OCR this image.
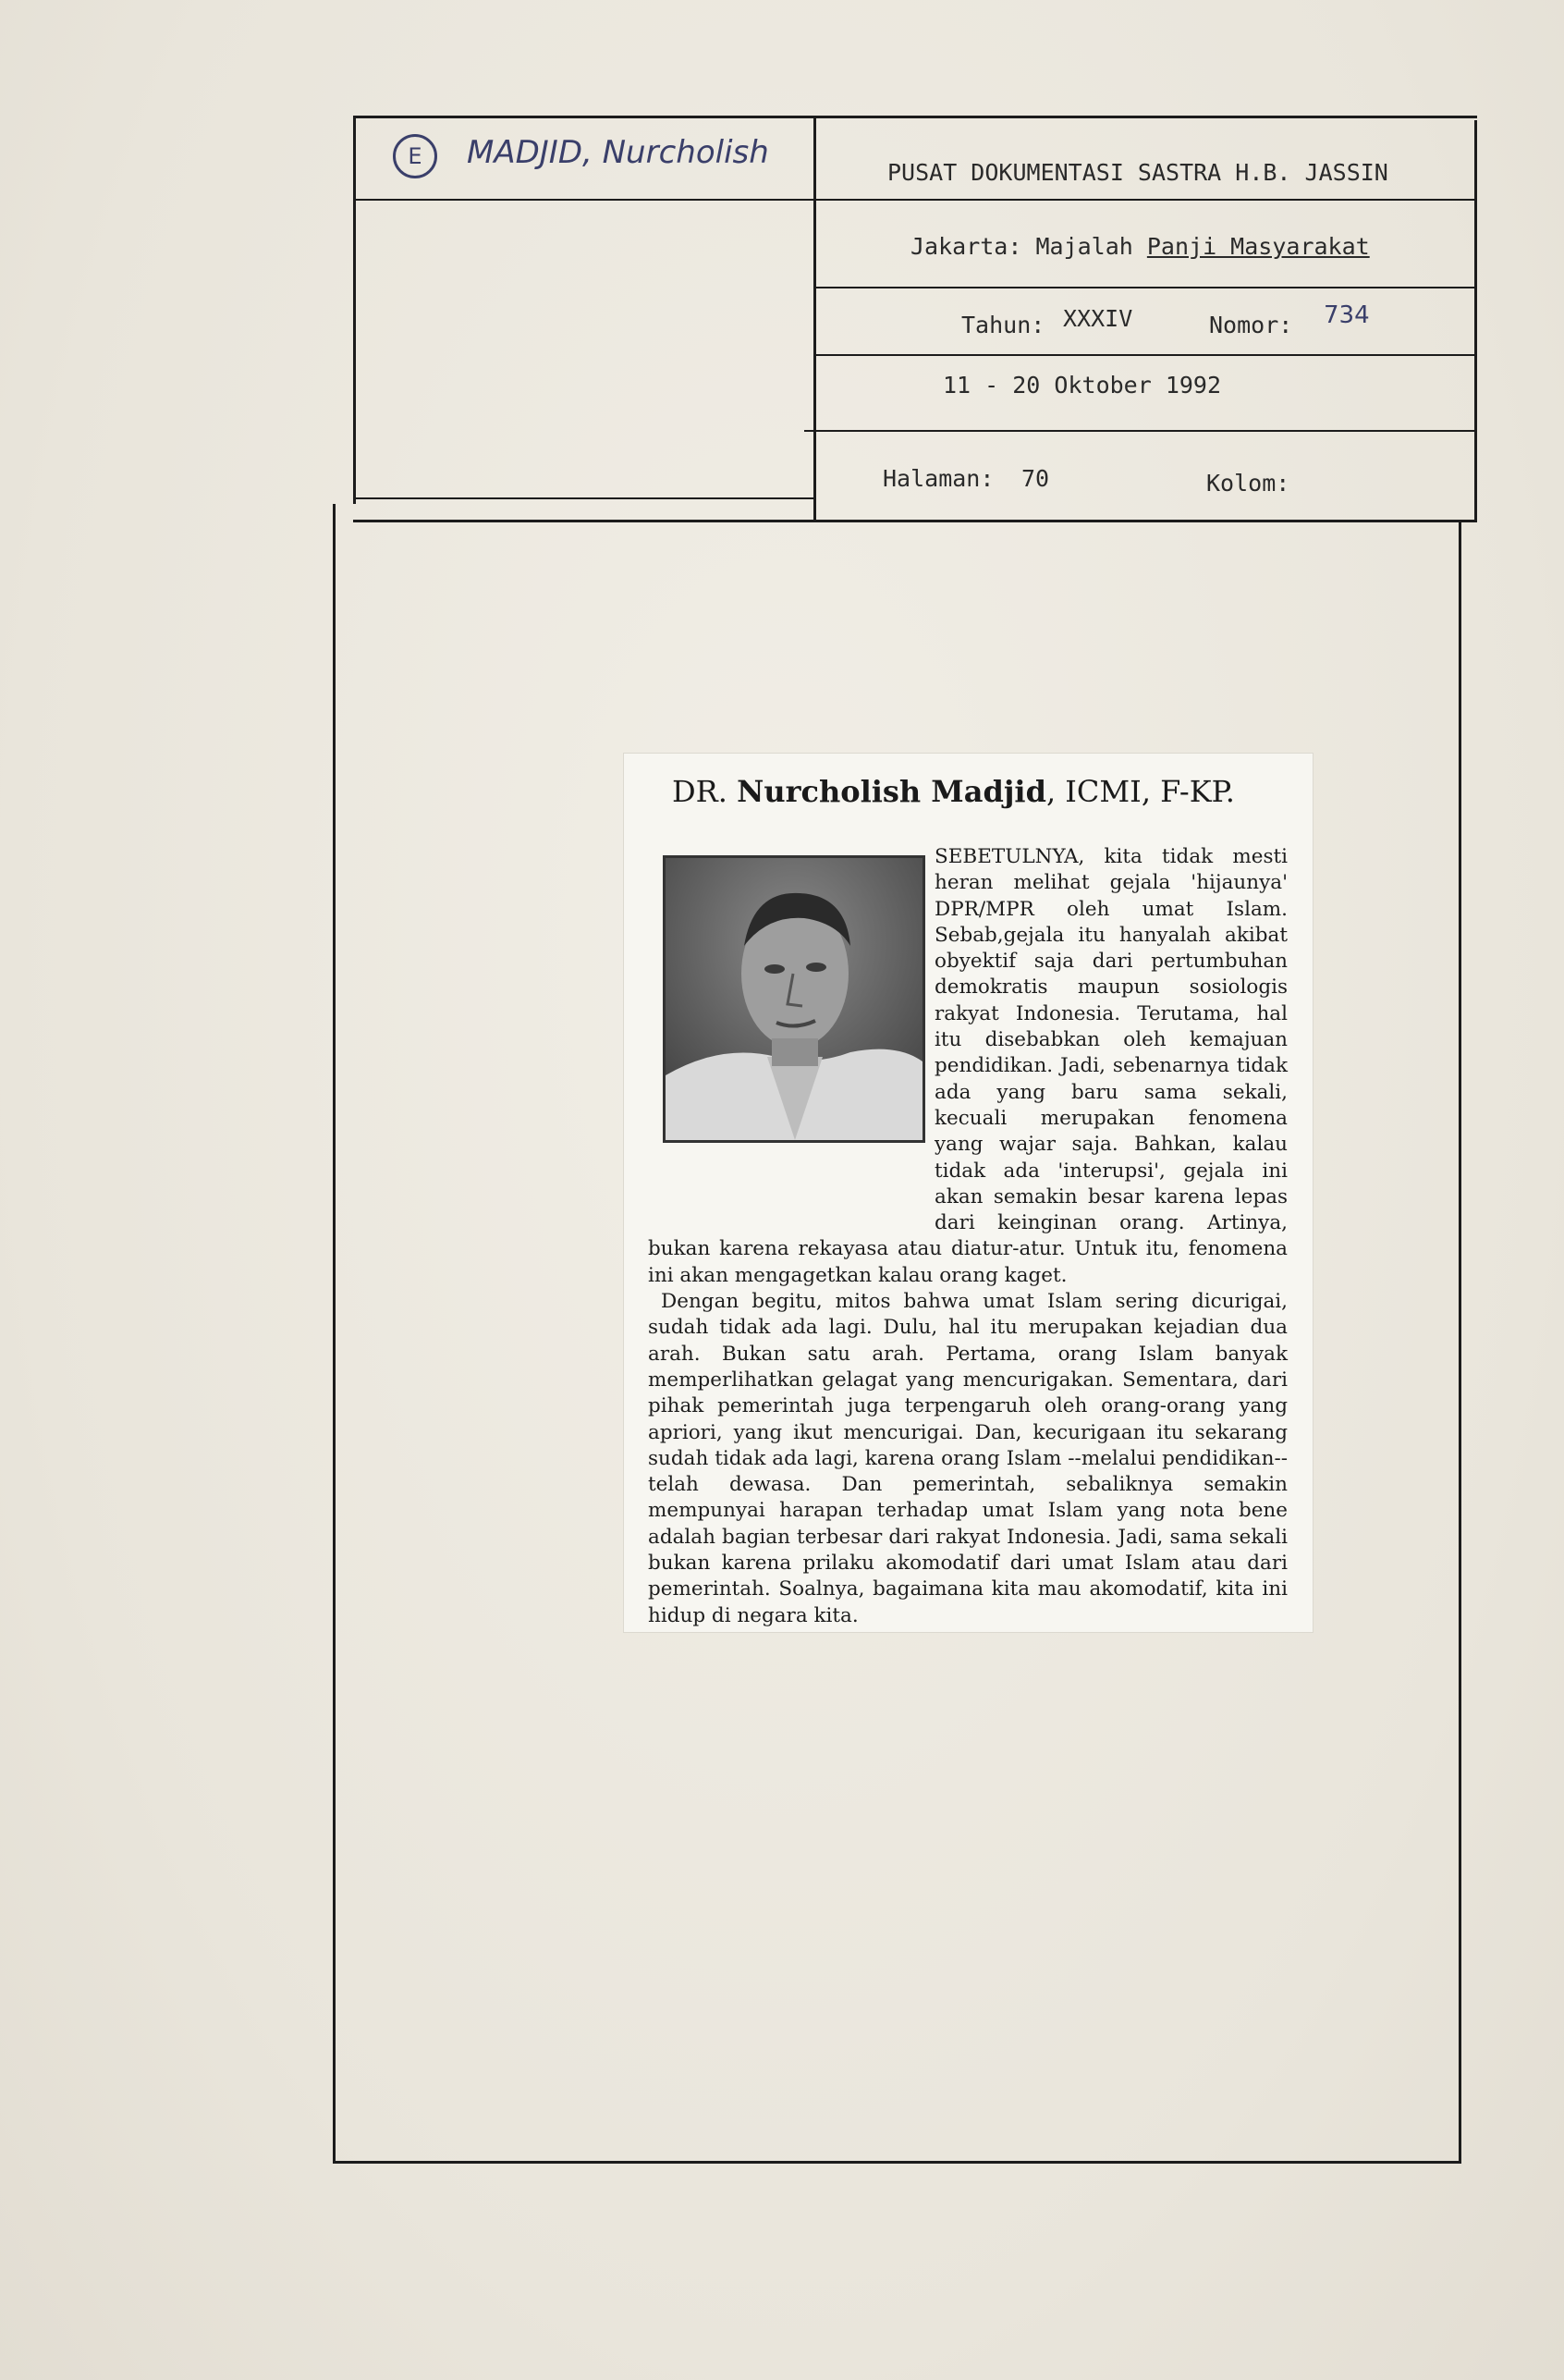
E	MADJID, Nurcholish
PUSAT DOKUMENTASI SASTRA H.B. JASSIN
Jakarta: Majalah Panji Masyarakat
Tahun: XXXIV	Nomor: 734
11 - 20 Oktober 1992
Halaman: 70	Kolom:
DR. Nurcholish Madjid, ICMI, F-KP.

SEBETULNYA, kita tidak mesti heran melihat gejala 'hijaunya' DPR/MPR oleh umat Islam. Sebab,gejala itu hanyalah akibat obyektif saja dari pertumbuhan demokratis maupun sosiologis rakyat Indonesia. Terutama, hal itu disebabkan oleh kemajuan pendidikan. Jadi, sebenarnya tidak ada yang baru sama sekali, kecuali merupakan fenomena yang wajar saja. Bahkan, kalau tidak ada 'interupsi', gejala ini akan semakin besar karena lepas dari keinginan orang. Artinya, bukan karena rekayasa atau diatur-atur. Untuk itu, fenomena ini akan mengagetkan kalau orang kaget.

Dengan begitu, mitos bahwa umat Islam sering dicurigai, sudah tidak ada lagi. Dulu, hal itu merupakan kejadian dua arah. Bukan satu arah. Pertama, orang Islam banyak memperlihatkan gelagat yang mencurigakan. Sementara, dari pihak pemerintah juga terpengaruh oleh orang-orang yang apriori, yang ikut mencurigai. Dan, kecurigaan itu sekarang sudah tidak ada lagi, karena orang Islam --melalui pendidikan-- telah dewasa. Dan pemerintah, sebaliknya semakin mempunyai harapan terhadap umat Islam yang nota bene adalah bagian terbesar dari rakyat Indonesia. Jadi, sama sekali bukan karena prilaku akomodatif dari umat Islam atau dari pemerintah. Soalnya, bagaimana kita mau akomodatif, kita ini hidup di negara kita.
